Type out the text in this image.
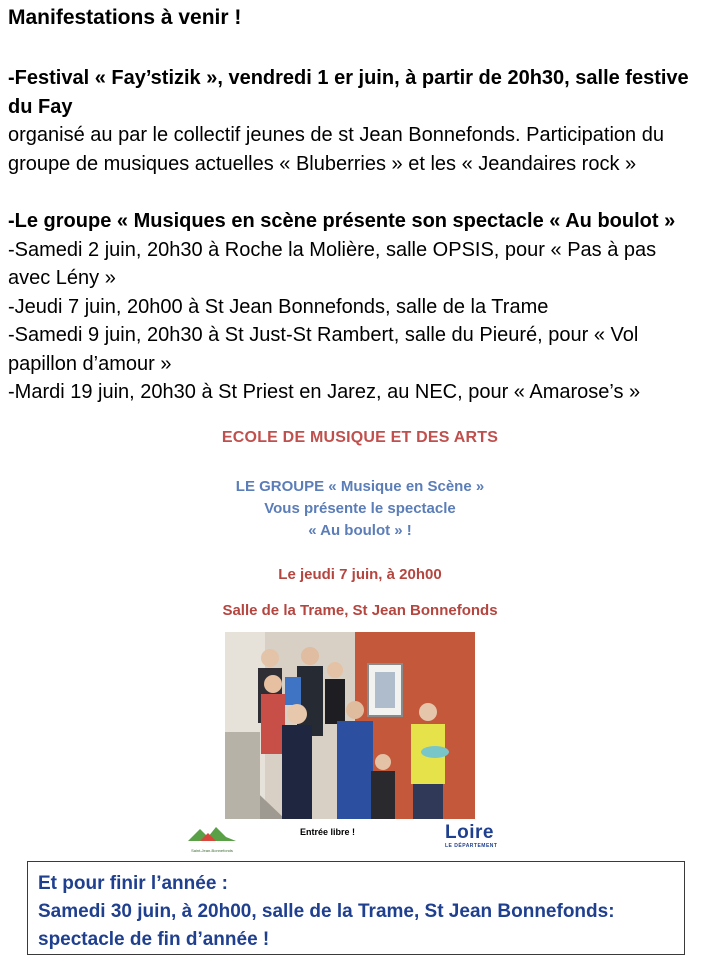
Manifestations à venir !
-Festival « Fay’stizik », vendredi 1 er juin, à partir de 20h30, salle festive
du Fay
organisé au par le collectif jeunes de st Jean Bonnefonds. Participation du
groupe de musiques actuelles « Bluberries » et les « Jeandaires rock »
-Le groupe « Musiques en scène présente son spectacle « Au boulot »
-Samedi 2 juin, 20h30 à Roche la Molière, salle OPSIS, pour « Pas à pas
avec Lény »
-Jeudi 7 juin, 20h00 à St Jean Bonnefonds, salle de la Trame
-Samedi 9 juin, 20h30 à St Just-St Rambert, salle du Pieuré, pour « Vol
papillon d’amour »
-Mardi 19 juin, 20h30 à St Priest en Jarez, au NEC, pour « Amarose’s »
ECOLE DE MUSIQUE ET DES ARTS
LE GROUPE « Musique en Scène »
Vous présente le spectacle
« Au boulot » !
Le jeudi 7 juin, à 20h00
Salle de la Trame, St Jean Bonnefonds
Saint-Jean-Bonnefonds
Entrée libre !	Loire
LE DÉPARTEMENT
Et pour finir l’année :
Samedi 30 juin, à 20h00, salle de la Trame, St Jean Bonnefonds:
spectacle de fin d’année !
